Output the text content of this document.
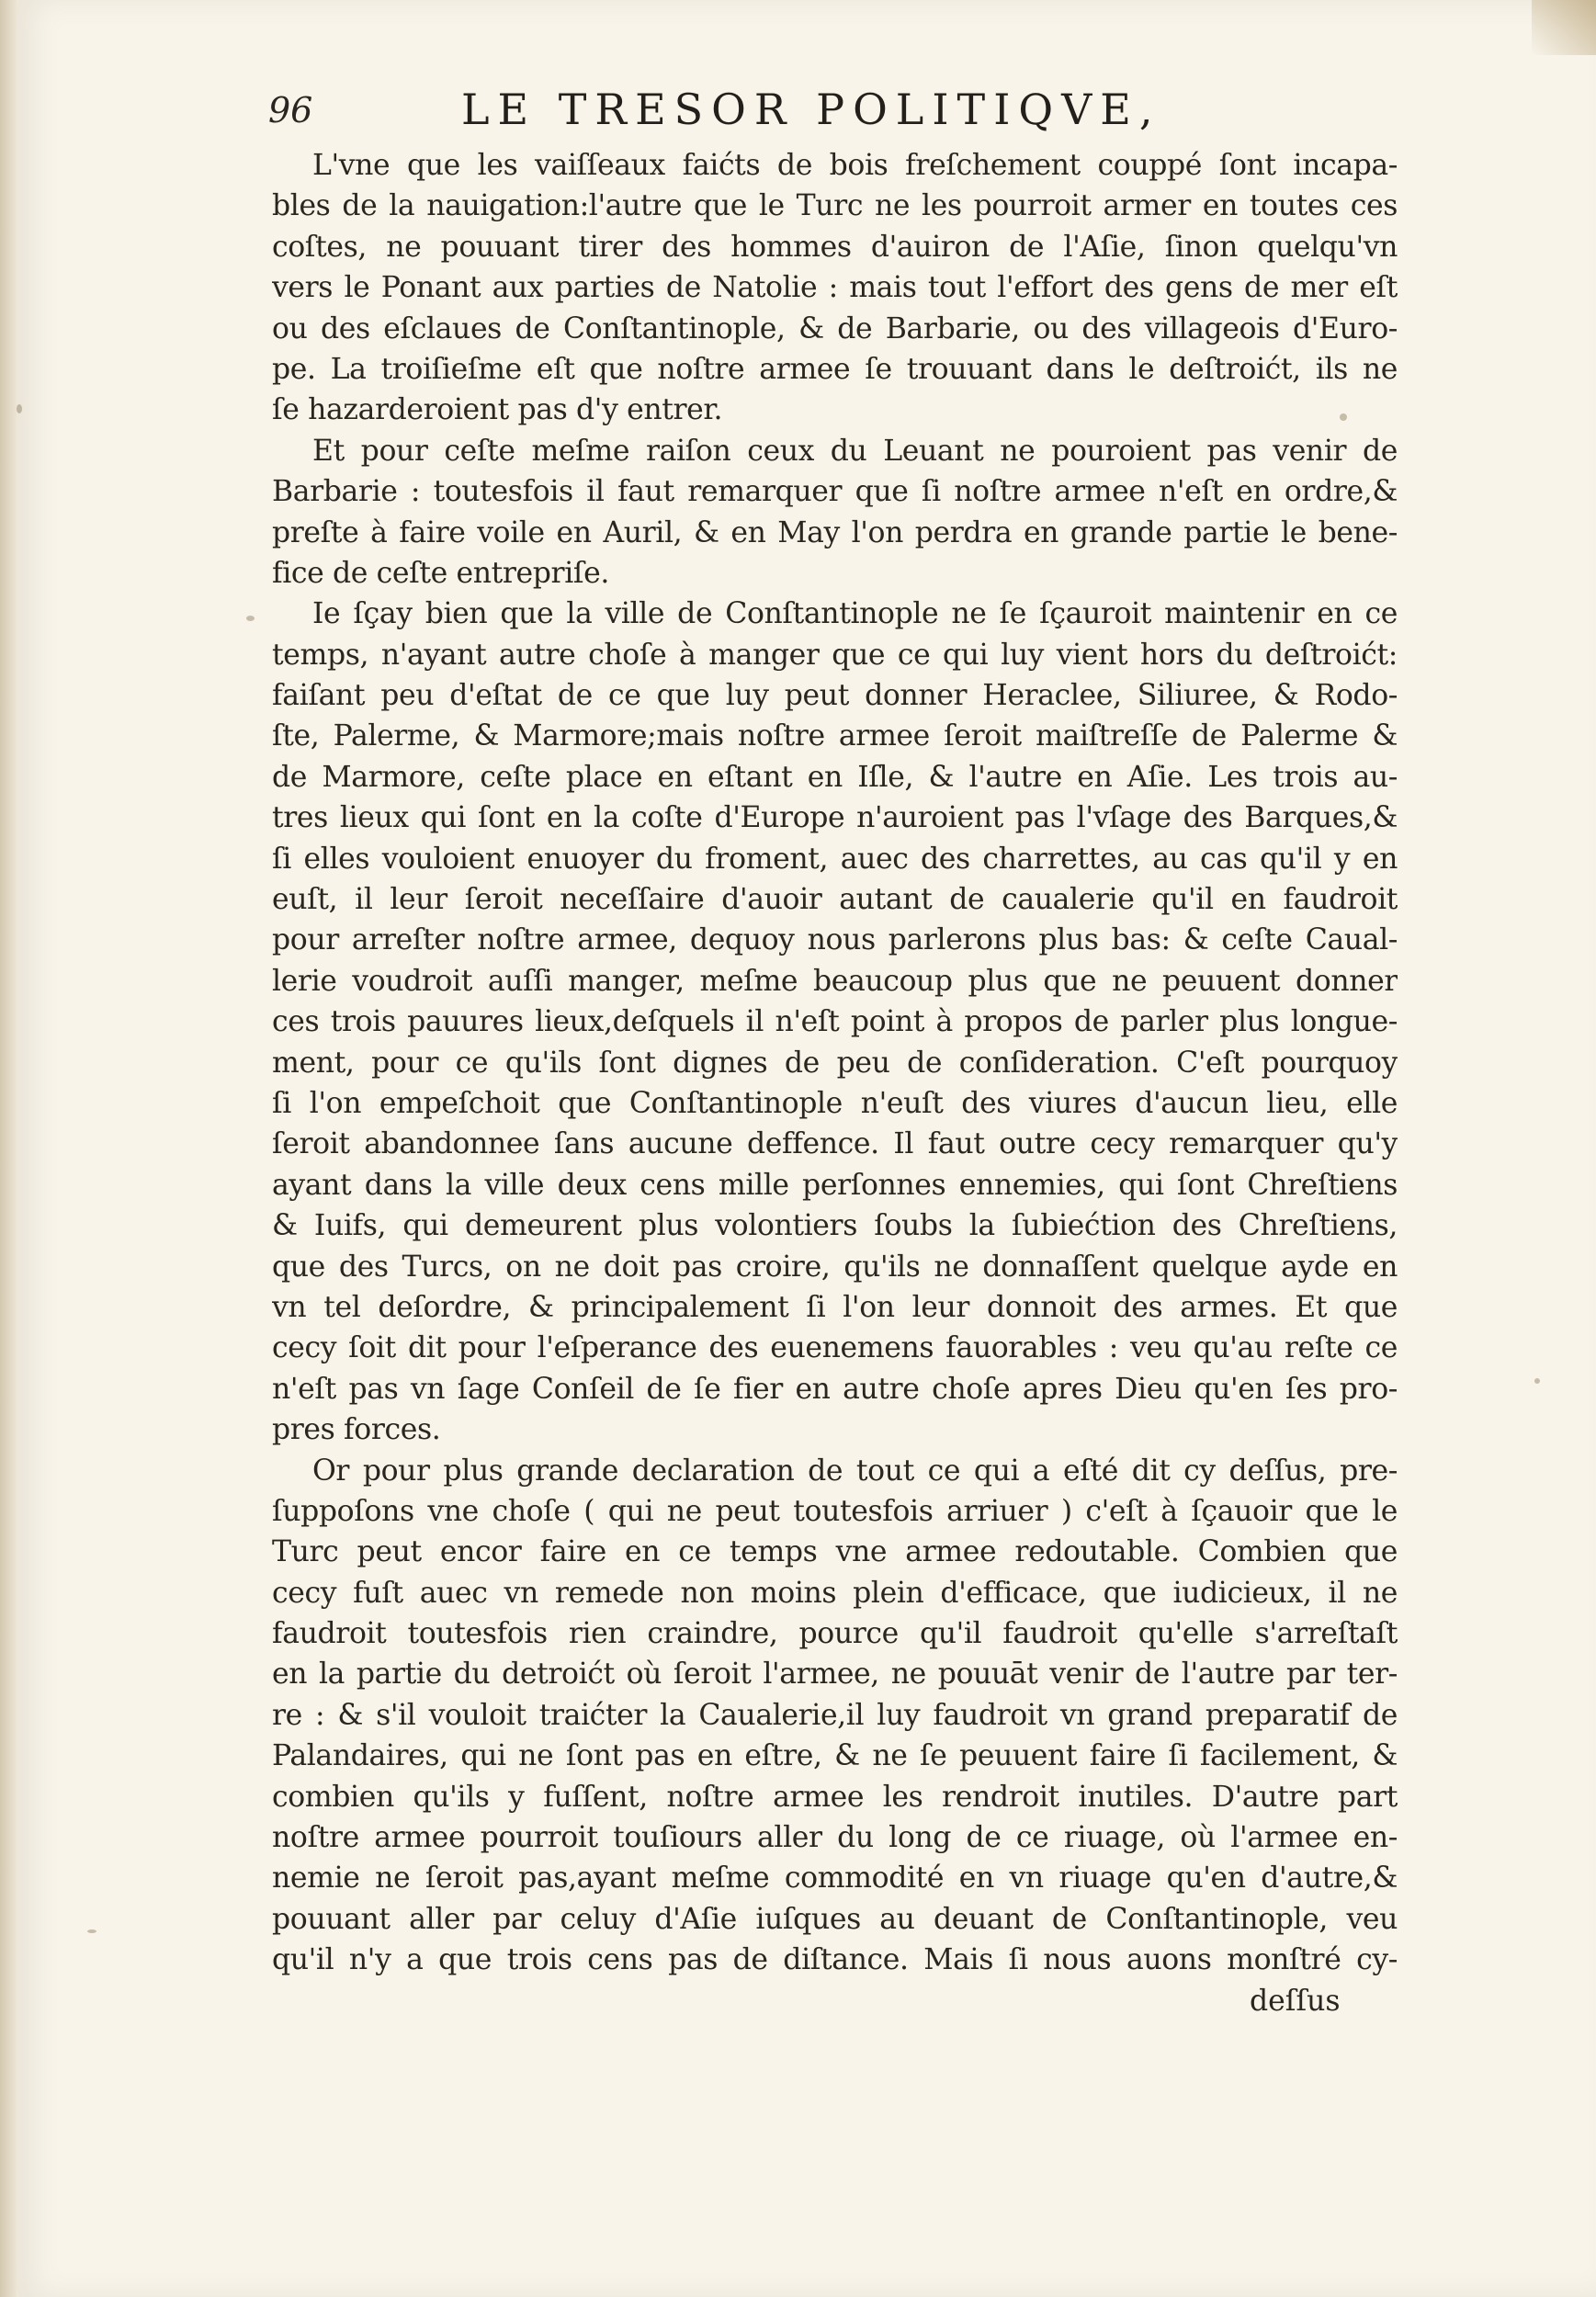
96	LE TRESOR POLITIQVE,
L'vne que les vaiſſeaux faićts de bois freſchement couppé ſont incapa-
bles de la nauigation:l'autre que le Turc ne les pourroit armer en toutes ces
coſtes, ne pouuant tirer des hommes d'auiron de l'Aſie, ſinon quelqu'vn
vers le Ponant aux parties de Natolie : mais tout l'effort des gens de mer eſt
ou des eſclaues de Conſtantinople, & de Barbarie, ou des villageois d'Euro-
pe. La troiſieſme eſt que noſtre armee ſe trouuant dans le deſtroićt, ils ne
ſe hazarderoient pas d'y entrer.
Et pour ceſte meſme raiſon ceux du Leuant ne pouroient pas venir de
Barbarie : toutesfois il faut remarquer que ſi noſtre armee n'eſt en ordre,&
preſte à faire voile en Auril, & en May l'on perdra en grande partie le bene-
fice de ceſte entrepriſe.
Ie ſçay bien que la ville de Conſtantinople ne ſe ſçauroit maintenir en ce
temps, n'ayant autre choſe à manger que ce qui luy vient hors du deſtroićt:
faiſant peu d'eſtat de ce que luy peut donner Heraclee, Siliuree, & Rodo-
ſte, Palerme, & Marmore;mais noſtre armee ſeroit maiſtreſſe de Palerme &
de Marmore, ceſte place en eſtant en Iſle, & l'autre en Aſie. Les trois au-
tres lieux qui ſont en la coſte d'Europe n'auroient pas l'vſage des Barques,&
ſi elles vouloient enuoyer du froment, auec des charrettes, au cas qu'il y en
euſt, il leur ſeroit neceſſaire d'auoir autant de caualerie qu'il en faudroit
pour arreſter noſtre armee, dequoy nous parlerons plus bas: & ceſte Caual-
lerie voudroit auſſi manger, meſme beaucoup plus que ne peuuent donner
ces trois pauures lieux,deſquels il n'eſt point à propos de parler plus longue-
ment, pour ce qu'ils ſont dignes de peu de conſideration. C'eſt pourquoy
ſi l'on empeſchoit que Conſtantinople n'euſt des viures d'aucun lieu, elle
ſeroit abandonnee ſans aucune deffence. Il faut outre cecy remarquer qu'y
ayant dans la ville deux cens mille perſonnes ennemies, qui ſont Chreſtiens
& Iuifs, qui demeurent plus volontiers ſoubs la ſubiećtion des Chreſtiens,
que des Turcs, on ne doit pas croire, qu'ils ne donnaſſent quelque ayde en
vn tel deſordre, & principalement ſi l'on leur donnoit des armes. Et que
cecy ſoit dit pour l'eſperance des euenemens fauorables : veu qu'au reſte ce
n'eſt pas vn ſage Conſeil de ſe fier en autre choſe apres Dieu qu'en ſes pro-
pres forces.
Or pour plus grande declaration de tout ce qui a eſté dit cy deſſus, pre-
ſuppoſons vne choſe ( qui ne peut toutesfois arriuer ) c'eſt à ſçauoir que le
Turc peut encor faire en ce temps vne armee redoutable. Combien que
cecy fuſt auec vn remede non moins plein d'efficace, que iudicieux, il ne
faudroit toutesfois rien craindre, pource qu'il faudroit qu'elle s'arreſtaſt
en la partie du detroićt où ſeroit l'armee, ne pouuāt venir de l'autre par ter-
re : & s'il vouloit traićter la Caualerie,il luy faudroit vn grand preparatif de
Palandaires, qui ne ſont pas en eſtre, & ne ſe peuuent faire ſi facilement, &
combien qu'ils y fuſſent, noſtre armee les rendroit inutiles. D'autre part
noſtre armee pourroit touſiours aller du long de ce riuage, où l'armee en-
nemie ne ſeroit pas,ayant meſme commodité en vn riuage qu'en d'autre,&
pouuant aller par celuy d'Aſie iuſques au deuant de Conſtantinople, veu
qu'il n'y a que trois cens pas de diſtance. Mais ſi nous auons monſtré cy-
deſſus
